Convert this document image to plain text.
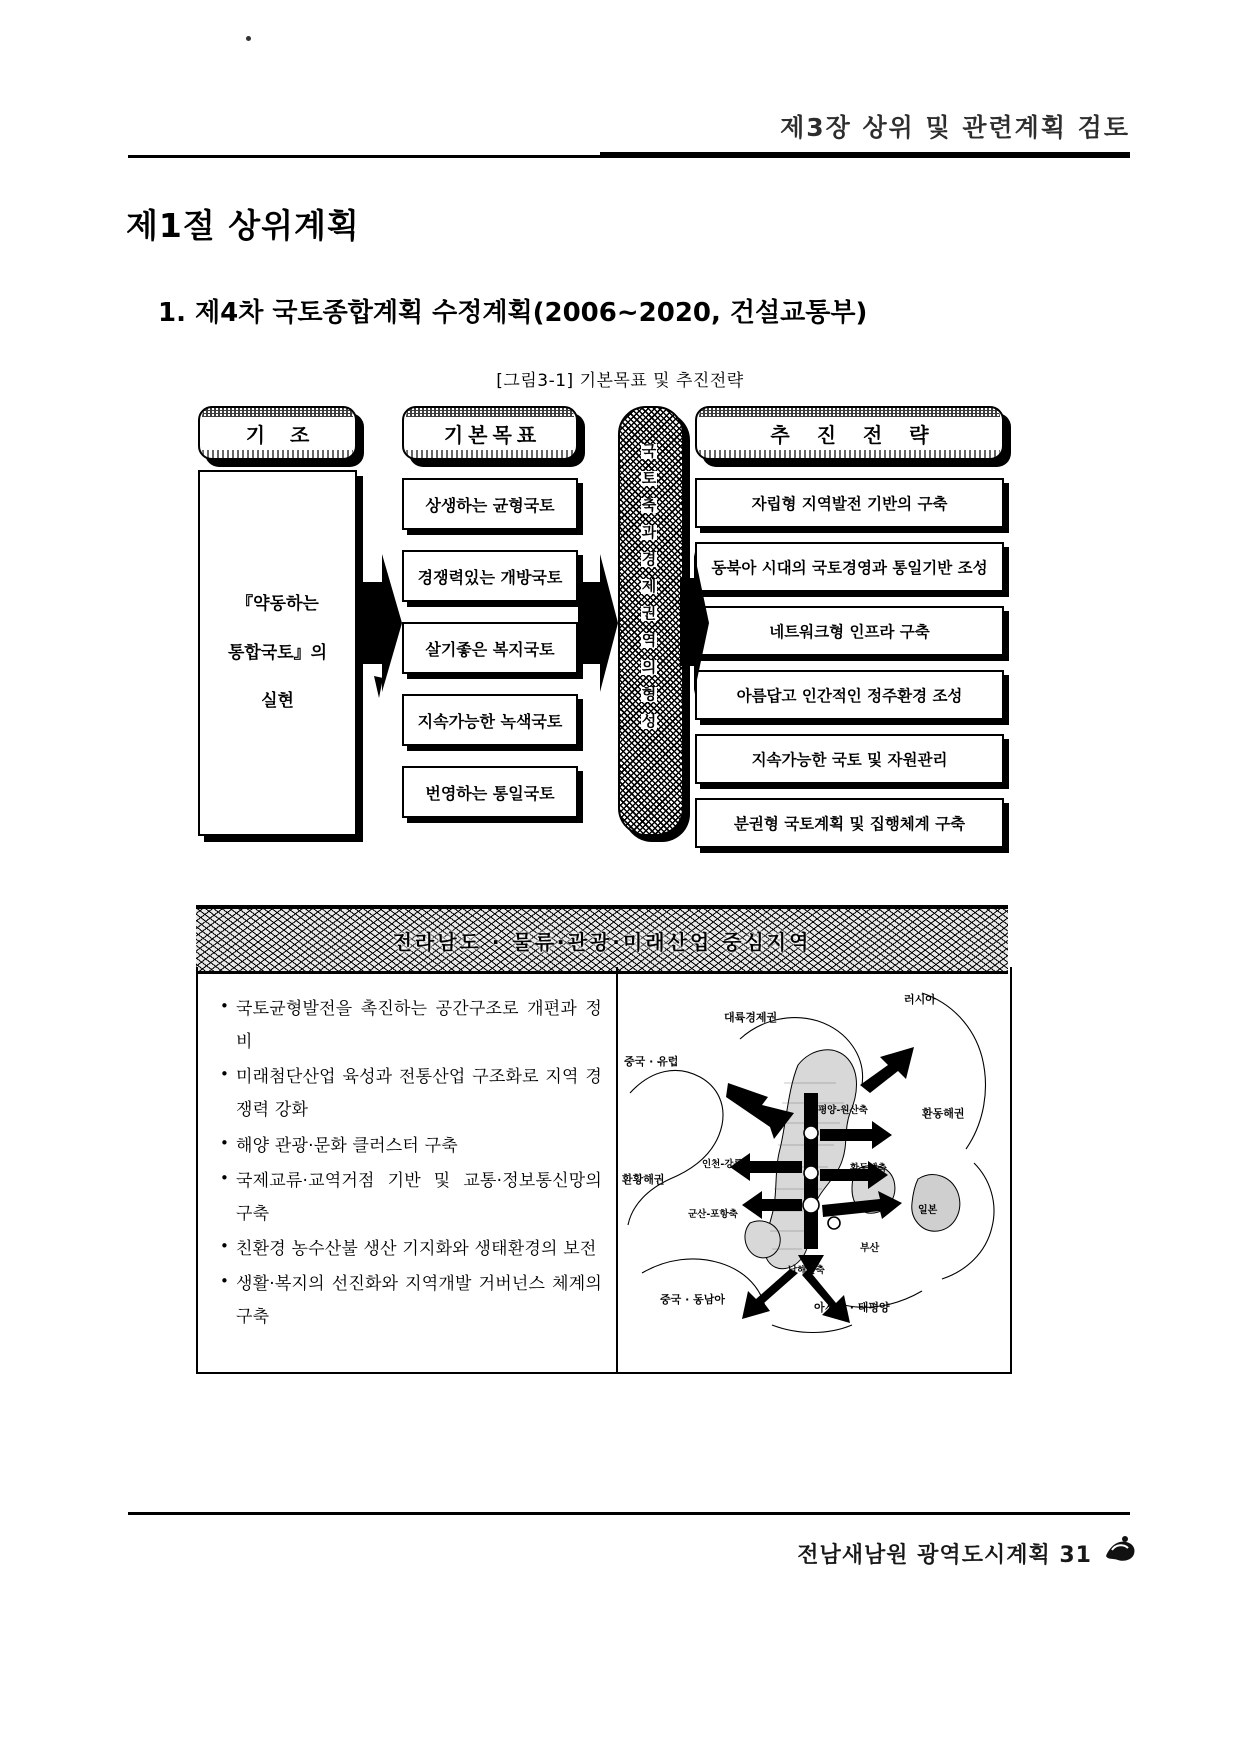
제3장 상위 및 관련계획 검토
제1절 상위계획
1. 제4차 국토종합계획 수정계획(2006~2020, 건설교통부)
[그림3-1] 기본목표 및 추진전략
기 조	기본목표	추 진 전 략
『약동하는
통합국토』의
실현
상생하는 균형국토
경쟁력있는 개방국토
살기좋은 복지국토
지속가능한 녹색국토
번영하는 통일국토
국
토
축
과
경
제
권
역
의
형
성
자립형 지역발전 기반의 구축
동북아 시대의 국토경영과 통일기반 조성
네트워크형 인프라 구축
아름답고 인간적인 정주환경 조성
지속가능한 국토 및 자원관리
분권형 국토계획 및 집행체계 구축
전라남도 · 물류·관광·미래산업 중심지역
• 국토균형발전을 촉진하는 공간구조로 개편과 정비
• 미래첨단산업 육성과 전통산업 구조화로 지역 경쟁력 강화
• 해양 관광·문화 클러스터 구축
• 국제교류·교역거점 기반 및 교통·정보통신망의 구축
• 친환경 농수산불 생산 기지화와 생태환경의 보전
• 생활·복지의 선진화와 지역개발 거버넌스 체계의 구축
대륙경제권
러시아
중국 · 유럽
환동해권
평양-원산축
환황해권
인천-강릉축	환동해축
군산-포항축	일본
부산
남해안축
중국 · 동남아
아시아 · 태평양
전남새남원 광역도시계획 31
